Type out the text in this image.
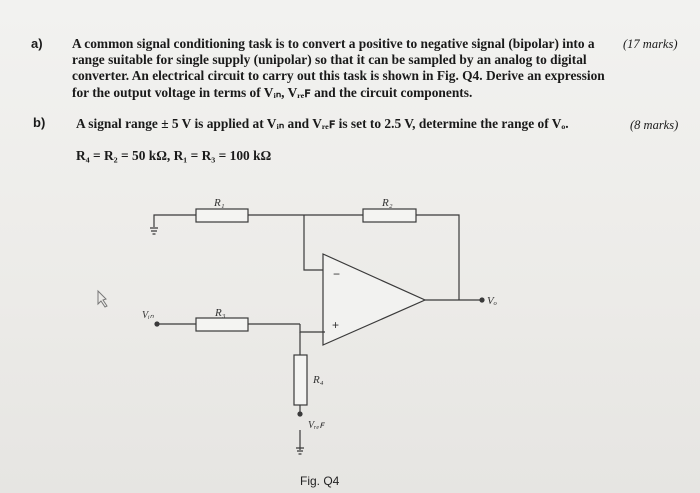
a) A common signal conditioning task is to convert a positive to negative signal (bipolar) into a
range suitable for single supply (unipolar) so that it can be sampled by an analog to digital
converter. An electrical circuit to carry out this task is shown in Fig. Q4. Derive an expression
for the output voltage in terms of Vᵢₙ, Vᵣₑꜰ and the circuit components.
(17 marks)
b) A signal range ± 5 V is applied at Vᵢₙ and Vᵣₑꜰ is set to 2.5 V, determine the range of Vₒ.	(8 marks)
R₄ = R₂ = 50 kΩ, R₁ = R₃ = 100 kΩ
R₁	R₂
R₃
R₄
Vᵢₙ
Vₒ
Vᵣₑꜰ
−
+
Fig. Q4
